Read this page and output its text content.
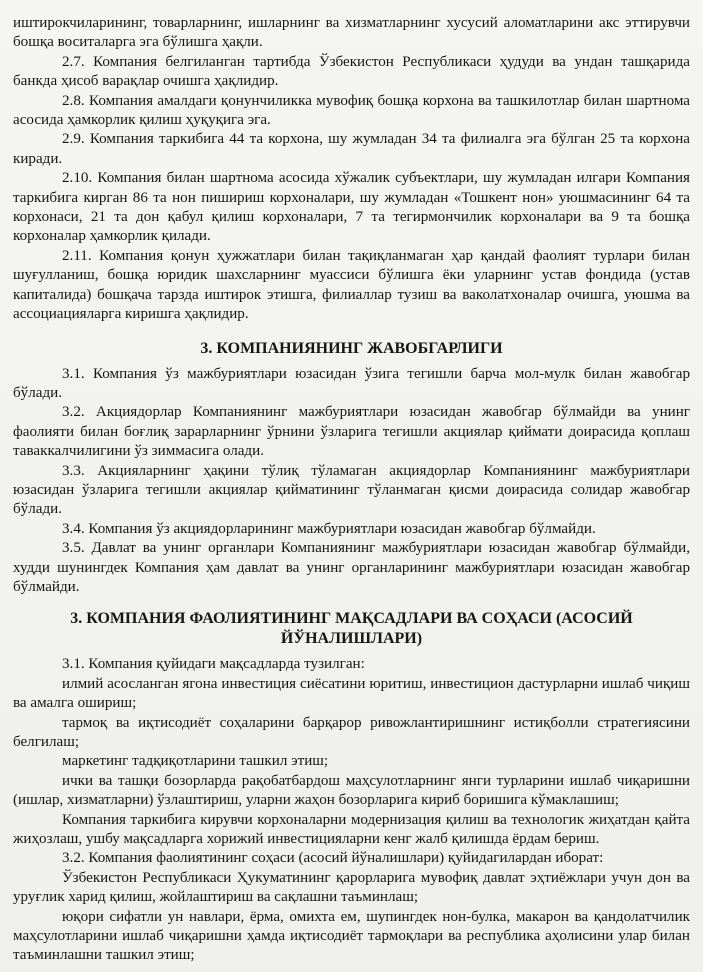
иштирокчиларининг, товарларнинг, ишларнинг ва хизматларнинг хусусий аломатларини акс эттирувчи бошқа воситаларга эга бўлишга ҳақли.

2.7. Компания белгиланган тартибда Ўзбекистон Республикаси ҳудуди ва ундан ташқарида банкда ҳисоб варақлар очишга ҳақлидир.

2.8. Компания амалдаги қонунчиликка мувофиқ бошқа корхона ва ташкилотлар билан шартнома асосида ҳамкорлик қилиш ҳуқуқига эга.

2.9. Компания таркибига 44 та корхона, шу жумладан 34 та филиалга эга бўлган 25 та корхона киради.

2.10. Компания билан шартнома асосида хўжалик субъектлари, шу жумладан илгари Компания таркибига кирган 86 та нон пишириш корхоналари, шу жумладан «Тошкент нон» уюшмасининг 64 та корхонаси, 21 та дон қабул қилиш корхоналари, 7 та тегирмончилик корхоналари ва 9 та бошқа корхоналар ҳамкорлик қилади.

2.11. Компания қонун ҳужжатлари билан тақиқланмаган ҳар қандай фаолият турлари билан шуғулланиш, бошқа юридик шахсларнинг муассиси бўлишга ёки уларнинг устав фондида (устав капиталида) бошқача тарзда иштирок этишга, филиаллар тузиш ва ваколатхоналар очишга, уюшма ва ассоциацияларга киришга ҳақлидир.

3. КОМПАНИЯНИНГ ЖАВОБГАРЛИГИ

3.1. Компания ўз мажбуриятлари юзасидан ўзига тегишли барча мол-мулк билан жавобгар бўлади.

3.2. Акциядорлар Компаниянинг мажбуриятлари юзасидан жавобгар бўлмайди ва унинг фаолияти билан боғлиқ зарарларнинг ўрнини ўзларига тегишли акциялар қиймати доирасида қоплаш таваккалчилигини ўз зиммасига олади.

3.3. Акцияларнинг ҳақини тўлиқ тўламаган акциядорлар Компаниянинг мажбуриятлари юзасидан ўзларига тегишли акциялар қийматининг тўланмаган қисми доирасида солидар жавобгар бўлади.

3.4. Компания ўз акциядорларининг мажбуриятлари юзасидан жавобгар бўлмайди.

3.5. Давлат ва унинг органлари Компаниянинг мажбуриятлари юзасидан жавобгар бўлмайди, худди шунингдек Компания ҳам давлат ва унинг органларининг мажбуриятлари юзасидан жавобгар бўлмайди.

3. КОМПАНИЯ ФАОЛИЯТИНИНГ МАҚСАДЛАРИ ВА СОҲАСИ (АСОСИЙ
ЙЎНАЛИШЛАРИ)

3.1. Компания қуйидаги мақсадларда тузилган:

илмий асосланган ягона инвестиция сиёсатини юритиш, инвестицион дастурларни ишлаб чиқиш ва амалга ошириш;

тармоқ ва иқтисодиёт соҳаларини барқарор ривожлантиришнинг истиқболли стратегиясини белгилаш;

маркетинг тадқиқотларини ташкил этиш;

ички ва ташқи бозорларда рақобатбардош маҳсулотларнинг янги турларини ишлаб чиқаришни (ишлар, хизматларни) ўзлаштириш, уларни жаҳон бозорларига кириб боришига кўмаклашиш;

Компания таркибига кирувчи корхоналарни модернизация қилиш ва технологик жиҳатдан қайта жиҳозлаш, ушбу мақсадларга хорижий инвестицияларни кенг жалб қилишда ёрдам бериш.

3.2. Компания фаолиятининг соҳаси (асосий йўналишлари) қуйидагилардан иборат:

Ўзбекистон Республикаси Ҳукуматининг қарорларига мувофиқ давлат эҳтиёжлари учун дон ва уруғлик харид қилиш, жойлаштириш ва сақлашни таъминлаш;

юқори сифатли ун навлари, ёрма, омихта ем, шупингдек нон-булка, макарон ва қандолатчилик маҳсулотларини ишлаб чиқаришни ҳамда иқтисодиёт тармоқлари ва республика аҳолисини улар билан таъминлашни ташкил этиш;
